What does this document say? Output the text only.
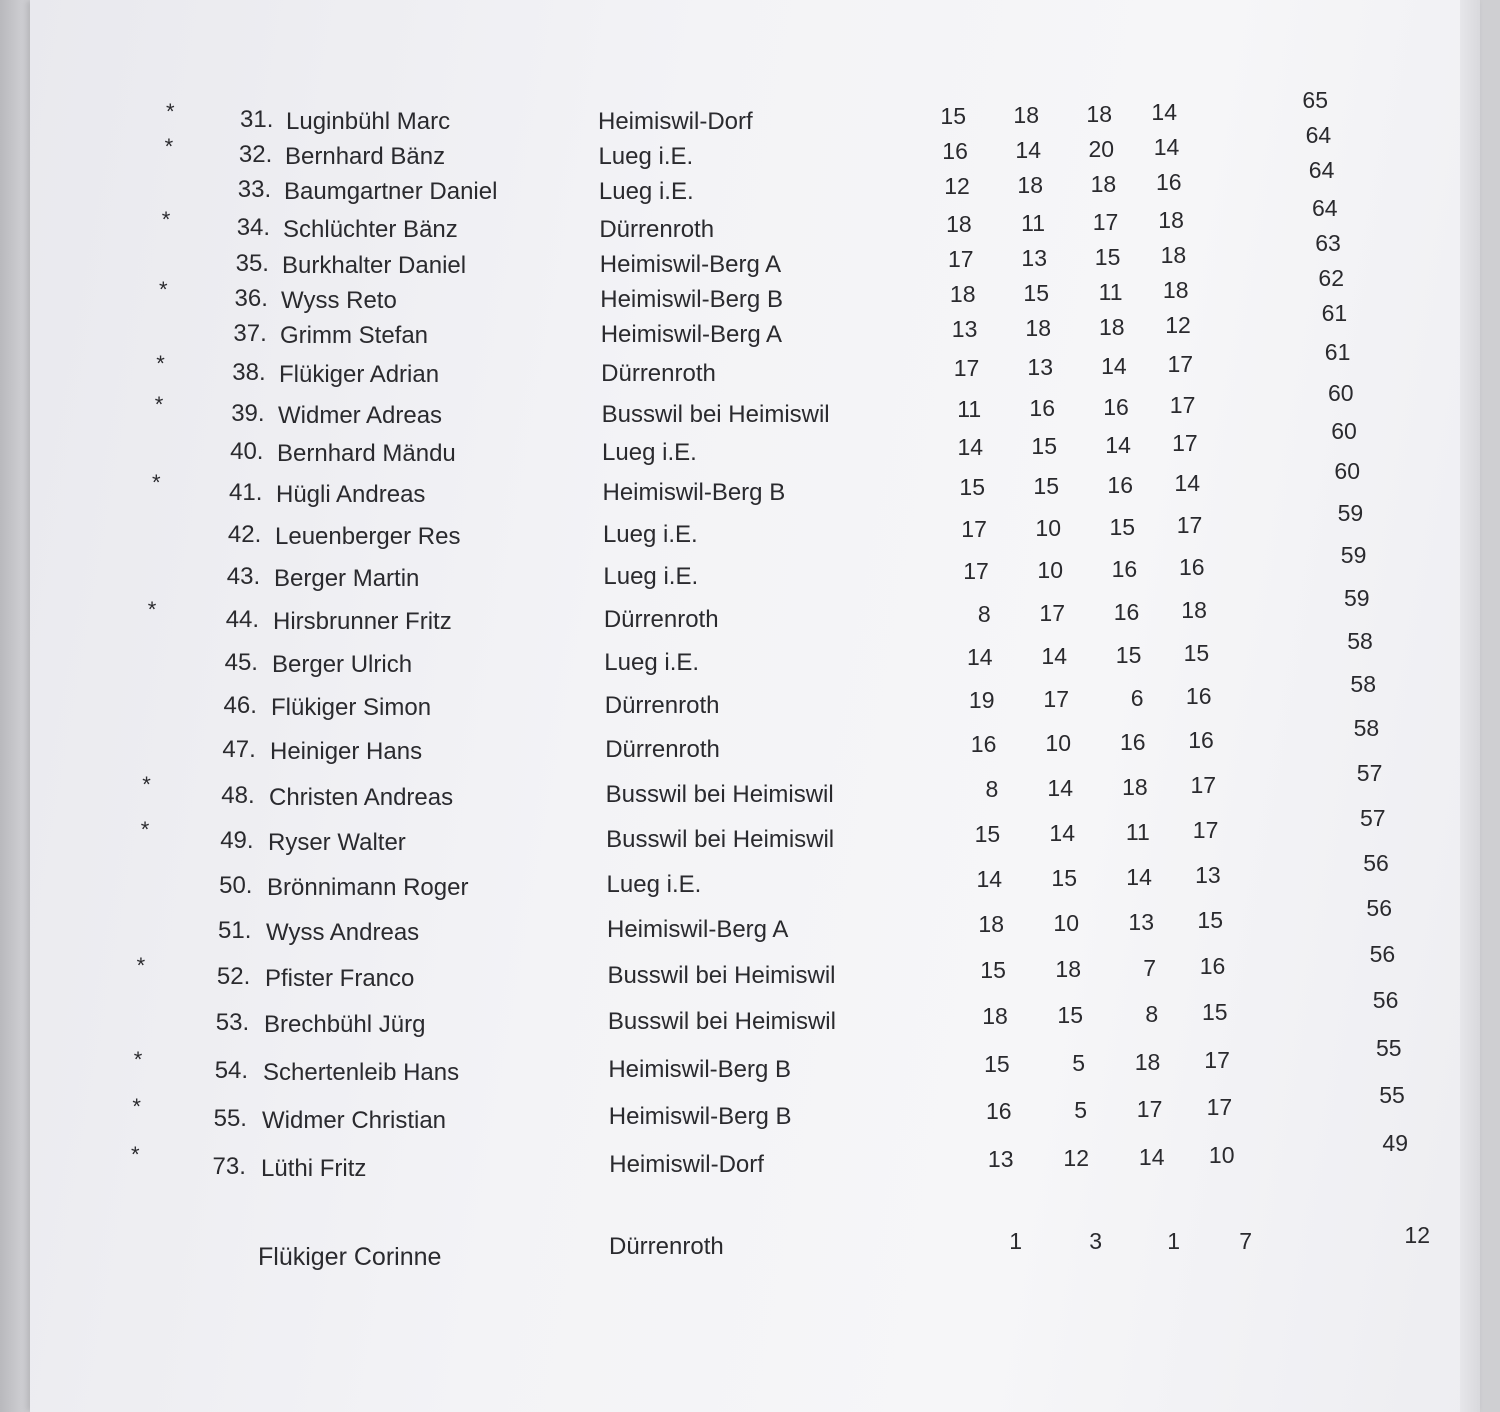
*	31. Luginbühl Marc	Heimiswil-Dorf	15	18	18	14	65
*	32. Bernhard Bänz	Lueg i.E.	16	14	20	14	64
33. Baumgartner Daniel	Lueg i.E.	12	18	18	16	64
*	34. Schlüchter Bänz	Dürrenroth	18	11	17	18	64
35. Burkhalter Daniel	Heimiswil-Berg A	17	13	15	18	63
*	36. Wyss Reto	Heimiswil-Berg B	18	15	11	18	62
37. Grimm Stefan	Heimiswil-Berg A	13	18	18	12	61
*	38. Flükiger Adrian	Dürrenroth	17	13	14	17	61
*	39. Widmer Adreas	Busswil bei Heimiswil	11	16	16	17	60
40. Bernhard Mändu	Lueg i.E.	14	15	14	17	60
*	41. Hügli Andreas	Heimiswil-Berg B	15	15	16	14	60
42. Leuenberger Res	Lueg i.E.	17	10	15	17	59
43. Berger Martin	Lueg i.E.	17	10	16	16	59
*	44. Hirsbrunner Fritz	Dürrenroth	8	17	16	18	59
45. Berger Ulrich	Lueg i.E.	14	14	15	15	58
46. Flükiger Simon	Dürrenroth	19	17	6	16	58
47. Heiniger Hans	Dürrenroth	16	10	16	16	58
*	48. Christen Andreas	Busswil bei Heimiswil	8	14	18	17	57
*	49. Ryser Walter	Busswil bei Heimiswil	15	14	11	17	57
50. Brönnimann Roger	Lueg i.E.	14	15	14	13	56
51. Wyss Andreas	Heimiswil-Berg A	18	10	13	15	56
*	52. Pfister Franco	Busswil bei Heimiswil	15	18	7	16	56
53. Brechbühl Jürg	Busswil bei Heimiswil	18	15	8	15	56
*	54. Schertenleib Hans	Heimiswil-Berg B	15	5	18	17	55
*	55. Widmer Christian	Heimiswil-Berg B	16	5	17	17	55
*	73. Lüthi Fritz	Heimiswil-Dorf	13	12	14	10	49
Flükiger Corinne	Dürrenroth	1	3	1	7	12
